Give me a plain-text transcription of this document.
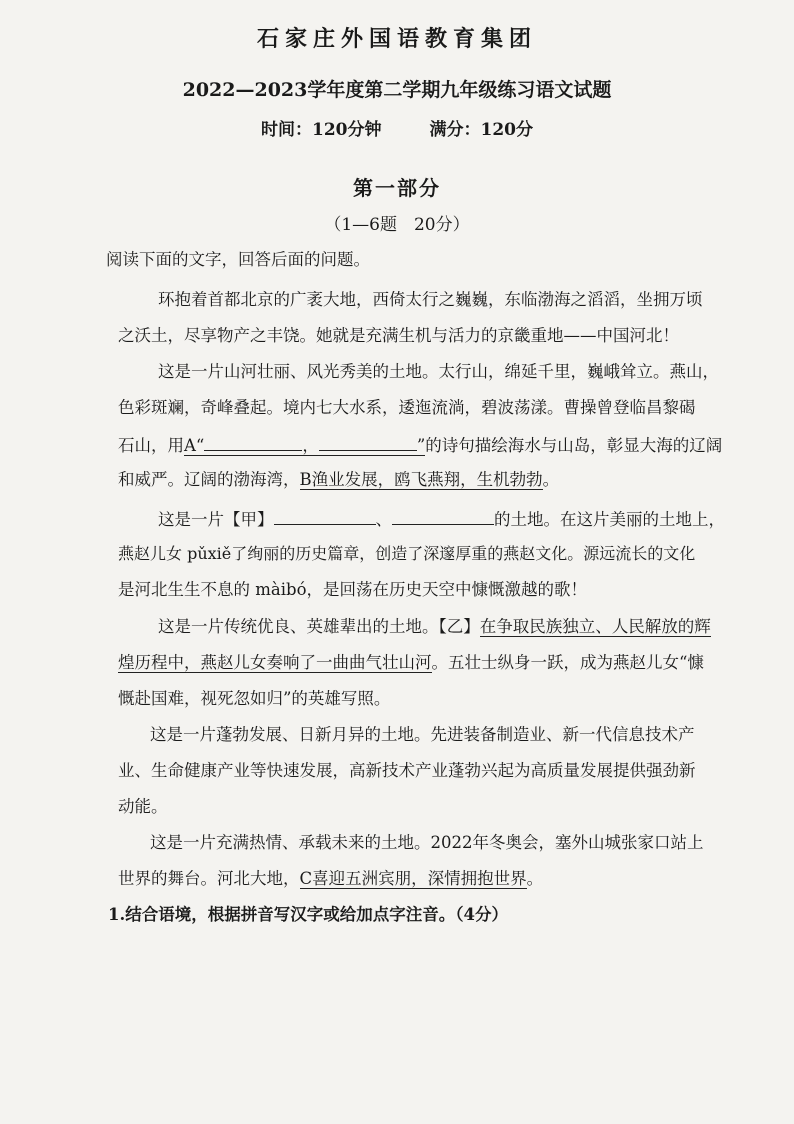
石家庄外国语教育集团
2022—2023学年度第二学期九年级练习语文试题
时间：120分钟	满分：120分
第一部分
（1—6题　20分）
阅读下面的文字，回答后面的问题。
环抱着首都北京的广袤大地，西倚太行之巍巍，东临渤海之滔滔，坐拥万顷
之沃土，尽享物产之丰饶。她就是充满生机与活力的京畿重地——中国河北！
这是一片山河壮丽、风光秀美的土地。太行山，绵延千里，巍峨耸立。燕山，
色彩斑斓，奇峰叠起。境内七大水系，逶迤流淌，碧波荡漾。曹操曾登临昌黎碣
石山，用A“	，	”的诗句描绘海水与山岛，彰显大海的辽阔
和威严。辽阔的渤海湾，B渔业发展，鸥飞燕翔，生机勃勃。
这是一片【甲】	、	的土地。在这片美丽的土地上，
燕赵儿女 pǔxiě了绚丽的历史篇章，创造了深邃厚重的燕赵文化。源远流长的文化
是河北生生不息的 màibó，是回荡在历史天空中慷慨激越的歌！
这是一片传统优良、英雄辈出的土地。【乙】在争取民族独立、人民解放的辉
煌历程中，燕赵儿女奏响了一曲曲气壮山河。五壮士纵身一跃，成为燕赵儿女“慷
慨赴国难，视死忽如归”的英雄写照。
这是一片蓬勃发展、日新月异的土地。先进装备制造业、新一代信息技术产
业、生命健康产业等快速发展，高新技术产业蓬勃兴起为高质量发展提供强劲新
动能。
这是一片充满热情、承载未来的土地。2022年冬奥会，塞外山城张家口站上
世界的舞台。河北大地，C喜迎五洲宾朋，深情拥抱世界。
1.结合语境，根据拼音写汉字或给加点字注音。（4分）
